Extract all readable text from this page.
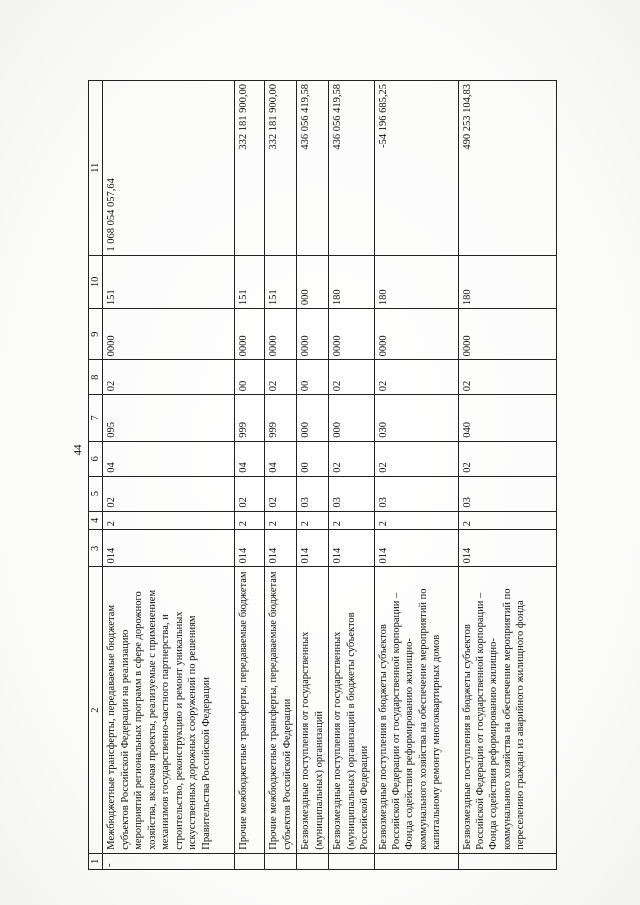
44
1	2	3	4	5	6	7	8	9	10	11
-	Межбюджетные трансферты, передаваемые бюджетам субъектов Российской Федерации на реализацию мероприятий региональных программ в сфере дорожного хозяйства, включая проекты, реализуемые с применением механизмов государственно-частного партнерства, и строительство, реконструкцию и ремонт уникальных искусственных дорожных сооружений по решениям Правительства Российской Федерации	014	2	02	04	095	02	0000	151	1 068 054 057,64
	Прочие межбюджетные трансферты, передаваемые бюджетам	014	2	02	04	999	00	0000	151	332 181 900,00
	Прочие межбюджетные трансферты, передаваемые бюджетам субъектов Российской Федерации	014	2	02	04	999	02	0000	151	332 181 900,00
	Безвозмездные поступления от государственных (муниципальных) организаций	014	2	03	00	000	00	0000	000	436 056 419,58
	Безвозмездные поступления от государственных (муниципальных) организаций в бюджеты субъектов Российской Федерации	014	2	03	02	000	02	0000	180	436 056 419,58
	Безвозмездные поступления в бюджеты субъектов Российской Федерации от государственной корпорации – Фонда содействия реформированию жилищно-коммунального хозяйства на обеспечение мероприятий по капитальному ремонту многоквартирных домов	014	2	03	02	030	02	0000	180	-54 196 685,25
	Безвозмездные поступления в бюджеты субъектов Российской Федерации от государственной корпорации – Фонда содействия реформированию жилищно-коммунального хозяйства на обеспечение мероприятий по переселению граждан из аварийного жилищного фонда	014	2	03	02	040	02	0000	180	490 253 104,83
